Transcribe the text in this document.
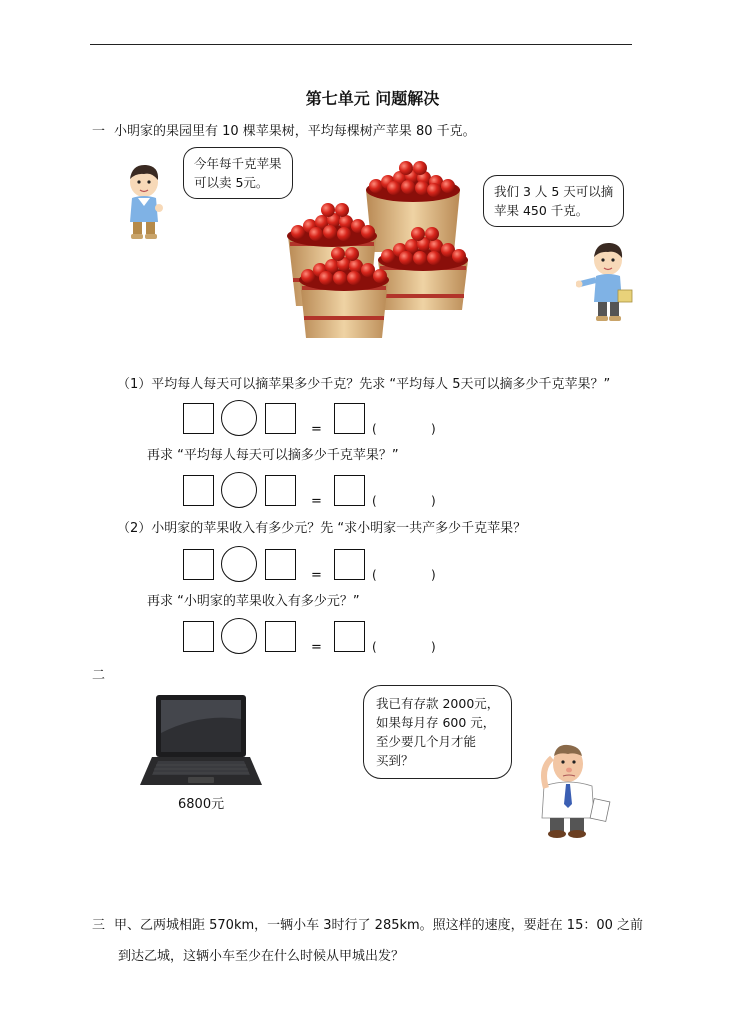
第七单元 问题解决
一 小明家的果园里有 10 棵苹果树，平均每棵树产苹果 80 千克。
今年每千克苹果
可以卖 5元。
我们 3 人 5 天可以摘
苹果 450 千克。
（1）平均每人每天可以摘苹果多少千克？先求 “平均每人 5天可以摘多少千克苹果？”
=	(	)
再求 “平均每人每天可以摘多少千克苹果？”
=	(	)
（2）小明家的苹果收入有多少元？先 “求小明家一共产多少千克苹果？
=	(	)
再求 “小明家的苹果收入有多少元？”
=	(	)
二
6800元
我已有存款 2000元，
如果每月存 600 元，
至少要几个月才能
买到？
三 甲、乙两城相距 570km，一辆小车 3时行了 285km。照这样的速度，要赶在 15：00 之前
到达乙城，这辆小车至少在什么时候从甲城出发？
